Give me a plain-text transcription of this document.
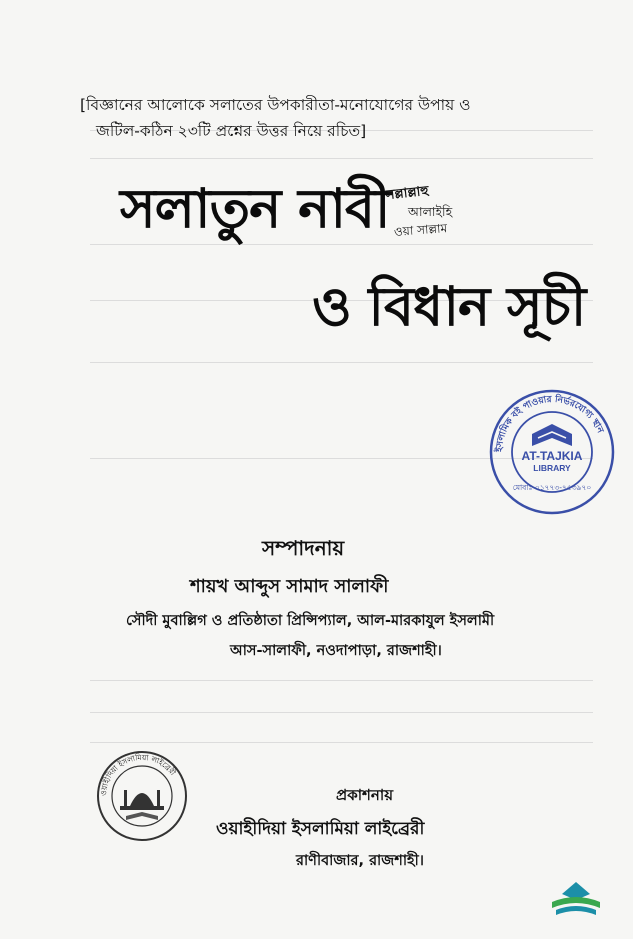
[বিজ্ঞানের আলোকে সলাতের উপকারীতা-মনোযোগের উপায় ও
জটিল-কঠিন ২৩টি প্রশ্নের উত্তর নিয়ে রচিত]
সলাতুন নাবী
সল্লাল্লাহু
আলাইহি
ওয়া সাল্লাম
ও বিধান সূচী
ইসলামিক বই পাওয়ার নির্ভরযোগ্য স্থান
মোবাঃ ০১৭৭৩-৭৫৩৯৭০
AT-TAJKIA
LIBRARY
সম্পাদনায়
শায়খ আব্দুস সামাদ সালাফী
সৌদী মুবাল্লিগ ও প্রতিষ্ঠাতা প্রিন্সিপ্যাল, আল-মারকাযুল ইসলামী
আস-সালাফী, নওদাপাড়া, রাজশাহী।
ওয়াহীদিয়া ইসলামিয়া লাইব্রেরী
প্রকাশনায়
ওয়াহীদিয়া ইসলামিয়া লাইব্রেরী
রাণীবাজার, রাজশাহী।
